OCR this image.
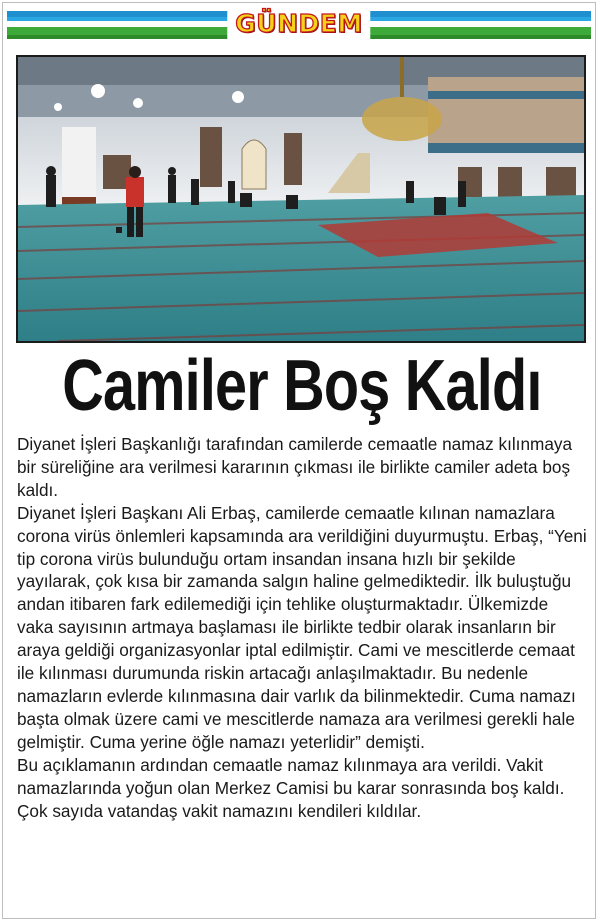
GÜNDEM
Camiler Boş Kaldı

Diyanet İşleri Başkanlığı tarafından camilerde cemaatle namaz kılınmaya bir süreliğine ara verilmesi kararının çıkması ile birlikte camiler adeta boş kaldı.

Diyanet İşleri Başkanı Ali Erbaş, camilerde cemaatle kılınan namazlara corona virüs önlemleri kapsamında ara verildiğini duyurmuştu. Erbaş, “Yeni tip corona virüs bulunduğu ortam insandan insana hızlı bir şekilde yayılarak, çok kısa bir zamanda salgın haline gelmediktedir. İlk buluştuğu andan itibaren fark edilemediği için tehlike oluşturmaktadır. Ülkemizde vaka sayısının artmaya başlaması ile birlikte tedbir olarak insanların bir araya geldiği organizasyonlar iptal edilmiştir. Cami ve mescitlerde cemaat ile kılınması durumunda riskin artacağı anlaşılmaktadır. Bu nedenle namazların evlerde kılınmasına dair varlık da bilinmektedir. Cuma namazı başta olmak üzere cami ve mescitlerde namaza ara verilmesi gerekli hale gelmiştir. Cuma yerine öğle namazı yeterlidir” demişti.

Bu açıklamanın ardından cemaatle namaz kılınmaya ara verildi. Vakit namazlarında yoğun olan Merkez Camisi bu karar sonrasında boş kaldı. Çok sayıda vatandaş vakit namazını kendileri kıldılar.
